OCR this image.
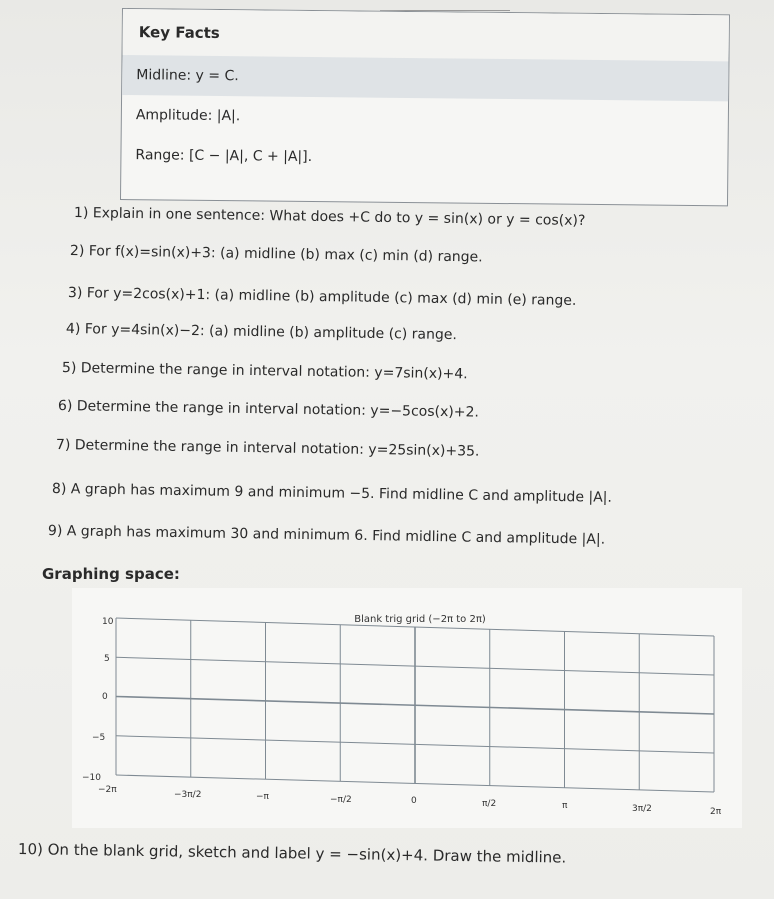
Key Facts
Midline: y = C.
Amplitude: |A|.
Range: [C − |A|, C + |A|].
1) Explain in one sentence: What does +C do to y = sin(x) or y = cos(x)?
2) For f(x)=sin(x)+3: (a) midline (b) max (c) min (d) range.
3) For y=2cos(x)+1: (a) midline (b) amplitude (c) max (d) min (e) range.
4) For y=4sin(x)−2: (a) midline (b) amplitude (c) range.
5) Determine the range in interval notation: y=7sin(x)+4.
6) Determine the range in interval notation: y=−5cos(x)+2.
7) Determine the range in interval notation: y=25sin(x)+35.
8) A graph has maximum 9 and minimum −5. Find midline C and amplitude |A|.
9) A graph has maximum 30 and minimum 6. Find midline C and amplitude |A|.
Graphing space:
Blank trig grid (−2π to 2π)
10
5
0
−5
−10
−2π	−3π/2	−π	−π/2	0	π/2	π	3π/2	2π
10) On the blank grid, sketch and label y = −sin(x)+4. Draw the midline.
